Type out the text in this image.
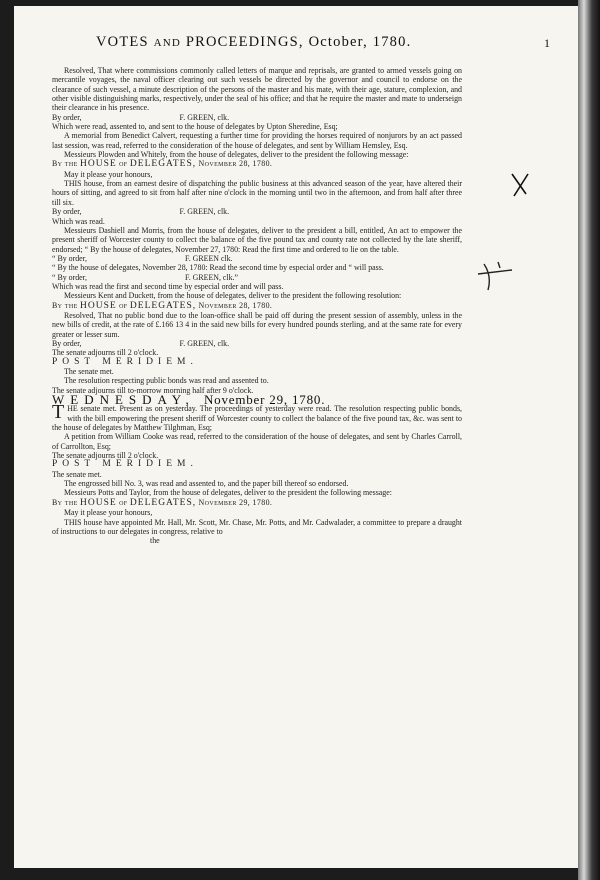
VOTES AND PROCEEDINGS, October, 1780.	1

Resolved, That where commissions commonly called letters of marque and reprisals, are granted to armed vessels going on mercantile voyages, the naval officer clearing out such vessels be directed by the governor and council to endorse on the clearance of such vessel, a minute description of the persons of the master and his mate, with their age, stature, complexion, and other visible distinguishing marks, respectively, under the seal of his office; and that he require the master and mate to underseign their clearance in his presence.

By order,	F. GREEN, clk.

Which were read, assented to, and sent to the house of delegates by Upton Sheredine, Esq;

A memorial from Benedict Calvert, requesting a further time for providing the horses required of nonjurors by an act passed last session, was read, referred to the consideration of the house of delegates, and sent by William Hemsley, Esq.

Messieurs Plowden and Whitely, from the house of delegates, deliver to the president the following message:

By the HOUSE of DELEGATES, November 28, 1780.

May it please your honours,

THIS house, from an earnest desire of dispatching the public business at this advanced season of the year, have altered their hours of sitting, and agreed to sit from half after nine o'clock in the morning until two in the afternoon, and from half after three till six.

By order,	F. GREEN, clk.

Which was read.

Messieurs Dashiell and Morris, from the house of delegates, deliver to the president a bill, entitled, An act to empower the present sheriff of Worcester county to collect the balance of the five pound tax and county rate not collected by the late sheriff, endorsed; “ By the house of delegates, November 27, 1780: Read the first time and ordered to lie on the table.

“ By order,	F. GREEN clk.

“ By the house of delegates, November 28, 1780: Read the second time by especial order and “ will pass.

“ By order,	F. GREEN, clk.”

Which was read the first and second time by especial order and will pass.

Messieurs Kent and Duckett, from the house of delegates, deliver to the president the following resolution:

By the HOUSE of DELEGATES, November 28, 1780.

Resolved, That no public bond due to the loan-office shall be paid off during the present session of assembly, unless in the new bills of credit, at the rate of £.166 13 4 in the said new bills for every hundred pounds sterling, and at the same rate for every greater or lesser sum.

By order,	F. GREEN, clk.

The senate adjourns till 2 o'clock.

POST MERIDIEM.

The senate met.

The resolution respecting public bonds was read and assented to.

The senate adjourns till to-morrow morning half after 9 o'clock.

WEDNESDAY, November 29, 1780.

THE senate met. Present as on yesterday. The proceedings of yesterday were read. The resolution respecting public bonds, with the bill empowering the present sheriff of Worcester county to collect the balance of the five pound tax, &c. was sent to the house of delegates by Matthew Tilghman, Esq;

A petition from William Cooke was read, referred to the consideration of the house of delegates, and sent by Charles Carroll, of Carrollton, Esq;

The senate adjourns till 2 o'clock.

POST MERIDIEM.

The senate met.

The engrossed bill No. 3, was read and assented to, and the paper bill thereof so endorsed.

Messieurs Potts and Taylor, from the house of delegates, deliver to the president the following message:

By the HOUSE of DELEGATES, November 29, 1780.

May it please your honours,

THIS house have appointed Mr. Hall, Mr. Scott, Mr. Chase, Mr. Potts, and Mr. Cadwalader, a committee to prepare a draught of instructions to our delegates in congress, relative to

the
